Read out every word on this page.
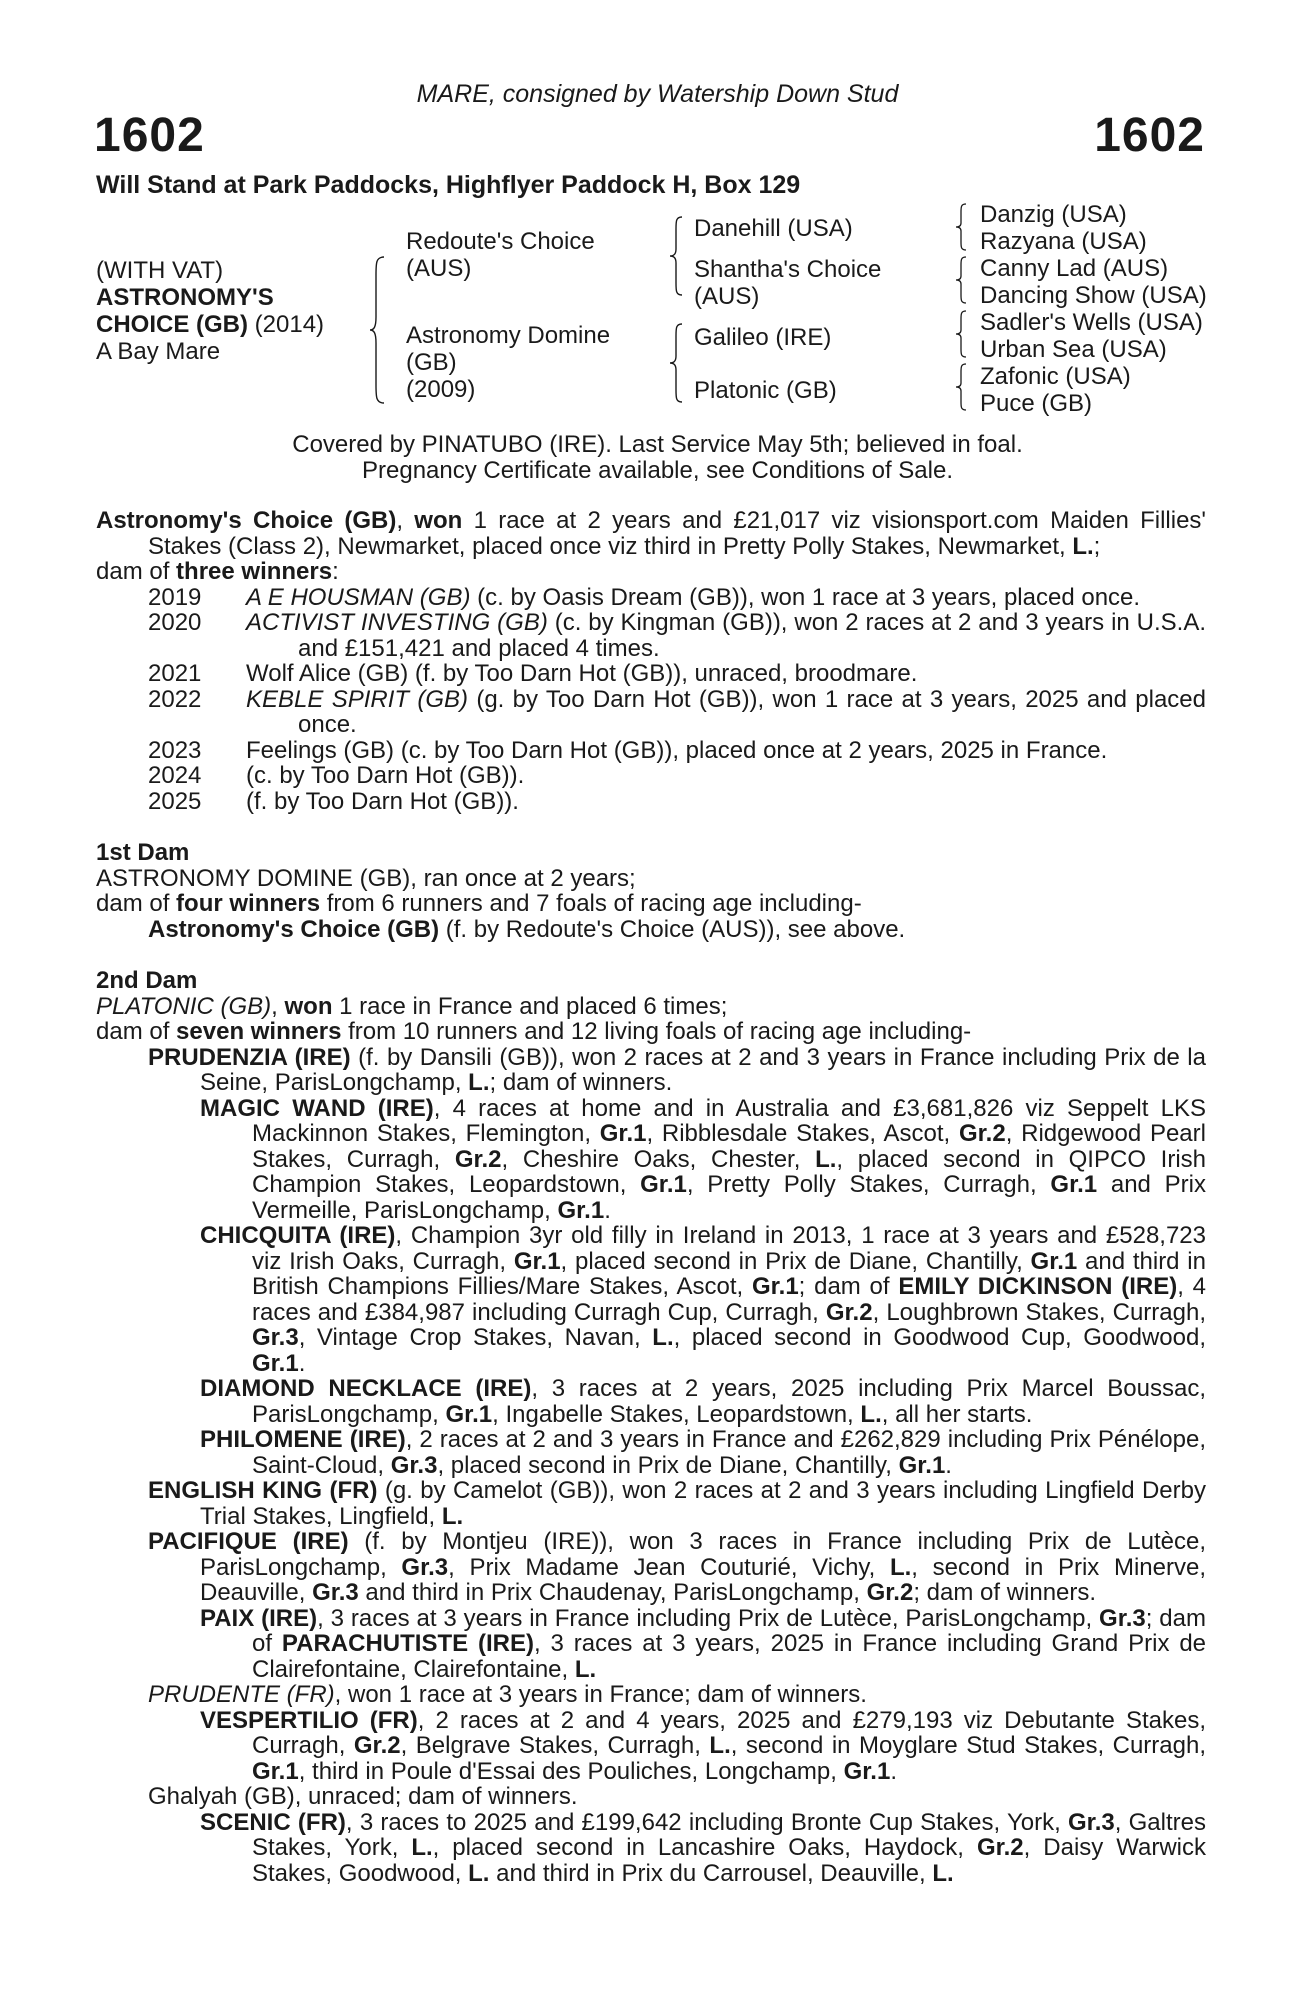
MARE, consigned by Watership Down Stud
1602	1602
Will Stand at Park Paddocks, Highflyer Paddock H, Box 129
(WITH VAT)
ASTRONOMY'S
CHOICE (GB) (2014)
A Bay Mare
Redoute's Choice
(AUS)
Astronomy Domine
(GB)
(2009)
Danehill (USA)
Shantha's Choice
(AUS)
Galileo (IRE)
Platonic (GB)
Danzig (USA)
Razyana (USA)
Canny Lad (AUS)
Dancing Show (USA)
Sadler's Wells (USA)
Urban Sea (USA)
Zafonic (USA)
Puce (GB)
Covered by PINATUBO (IRE). Last Service May 5th; believed in foal.
Pregnancy Certificate available, see Conditions of Sale.

Astronomy's Choice (GB), won 1 race at 2 years and £21,017 viz visionsport.com Maiden Fillies' Stakes (Class 2), Newmarket, placed once viz third in Pretty Polly Stakes, Newmarket, L.;

dam of three winners:

2019	A E HOUSMAN (GB) (c. by Oasis Dream (GB)), won 1 race at 3 years, placed once.
2020	ACTIVIST INVESTING (GB) (c. by Kingman (GB)), won 2 races at 2 and 3 years in U.S.A. and £151,421 and placed 4 times.
2021	Wolf Alice (GB) (f. by Too Darn Hot (GB)), unraced, broodmare.
2022	KEBLE SPIRIT (GB) (g. by Too Darn Hot (GB)), won 1 race at 3 years, 2025 and placed once.
2023	Feelings (GB) (c. by Too Darn Hot (GB)), placed once at 2 years, 2025 in France.
2024	(c. by Too Darn Hot (GB)).
2025	(f. by Too Darn Hot (GB)).
1st Dam

ASTRONOMY DOMINE (GB), ran once at 2 years;

dam of four winners from 6 runners and 7 foals of racing age including-

Astronomy's Choice (GB) (f. by Redoute's Choice (AUS)), see above.

2nd Dam

PLATONIC (GB), won 1 race in France and placed 6 times;

dam of seven winners from 10 runners and 12 living foals of racing age including-

PRUDENZIA (IRE) (f. by Dansili (GB)), won 2 races at 2 and 3 years in France including Prix de la Seine, ParisLongchamp, L.; dam of winners.

MAGIC WAND (IRE), 4 races at home and in Australia and £3,681,826 viz Seppelt LKS Mackinnon Stakes, Flemington, Gr.1, Ribblesdale Stakes, Ascot, Gr.2, Ridgewood Pearl Stakes, Curragh, Gr.2, Cheshire Oaks, Chester, L., placed second in QIPCO Irish Champion Stakes, Leopardstown, Gr.1, Pretty Polly Stakes, Curragh, Gr.1 and Prix Vermeille, ParisLongchamp, Gr.1.

CHICQUITA (IRE), Champion 3yr old filly in Ireland in 2013, 1 race at 3 years and £528,723 viz Irish Oaks, Curragh, Gr.1, placed second in Prix de Diane, Chantilly, Gr.1 and third in British Champions Fillies/Mare Stakes, Ascot, Gr.1; dam of EMILY DICKINSON (IRE), 4 races and £384,987 including Curragh Cup, Curragh, Gr.2, Loughbrown Stakes, Curragh, Gr.3, Vintage Crop Stakes, Navan, L., placed second in Goodwood Cup, Goodwood, Gr.1.

DIAMOND NECKLACE (IRE), 3 races at 2 years, 2025 including Prix Marcel Boussac, ParisLongchamp, Gr.1, Ingabelle Stakes, Leopardstown, L., all her starts.

PHILOMENE (IRE), 2 races at 2 and 3 years in France and £262,829 including Prix Pénélope, Saint-Cloud, Gr.3, placed second in Prix de Diane, Chantilly, Gr.1.

ENGLISH KING (FR) (g. by Camelot (GB)), won 2 races at 2 and 3 years including Lingfield Derby Trial Stakes, Lingfield, L.

PACIFIQUE (IRE) (f. by Montjeu (IRE)), won 3 races in France including Prix de Lutèce, ParisLongchamp, Gr.3, Prix Madame Jean Couturié, Vichy, L., second in Prix Minerve, Deauville, Gr.3 and third in Prix Chaudenay, ParisLongchamp, Gr.2; dam of winners.

PAIX (IRE), 3 races at 3 years in France including Prix de Lutèce, ParisLongchamp, Gr.3; dam of PARACHUTISTE (IRE), 3 races at 3 years, 2025 in France including Grand Prix de Clairefontaine, Clairefontaine, L.

PRUDENTE (FR), won 1 race at 3 years in France; dam of winners.

VESPERTILIO (FR), 2 races at 2 and 4 years, 2025 and £279,193 viz Debutante Stakes, Curragh, Gr.2, Belgrave Stakes, Curragh, L., second in Moyglare Stud Stakes, Curragh, Gr.1, third in Poule d'Essai des Pouliches, Longchamp, Gr.1.

Ghalyah (GB), unraced; dam of winners.

SCENIC (FR), 3 races to 2025 and £199,642 including Bronte Cup Stakes, York, Gr.3, Galtres Stakes, York, L., placed second in Lancashire Oaks, Haydock, Gr.2, Daisy Warwick Stakes, Goodwood, L. and third in Prix du Carrousel, Deauville, L.
